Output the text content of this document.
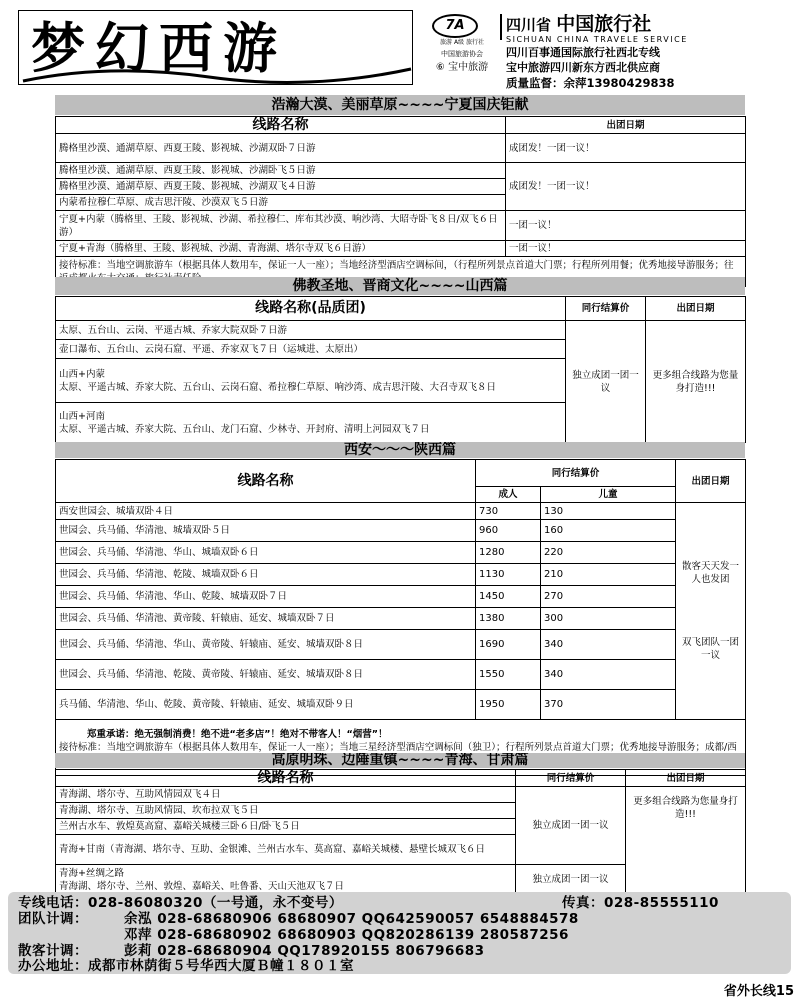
梦幻西游	7A
旅游 A级 旅行社
中国旅游协会
⑥ 宝中旅游
四川省 中国旅行社
SICHUAN CHINA TRAVELE SERVICE
四川百事通国际旅行社西北专线
宝中旅游四川新东方西北供应商
质量监督：余萍13980429838
浩瀚大漠、美丽草原~~~~宁夏国庆钜献
线路名称	出团日期
腾格里沙漠、通湖草原、西夏王陵、影视城、沙湖双卧７日游	成团发！一团一议！
腾格里沙漠、通湖草原、西夏王陵、影视城、沙湖卧飞５日游	成团发！一团一议！
腾格里沙漠、通湖草原、西夏王陵、影视城、沙湖双飞４日游	
内蒙希拉穆仁草原、成吉思汗陵、沙漠双飞５日游	
宁夏+内蒙（腾格里、王陵、影视城、沙湖、希拉穆仁、库布其沙漠、响沙湾、大昭寺卧飞８日/双飞６日游）	一团一议！
宁夏+青海（腾格里、王陵、影视城、沙湖、青海湖、塔尔寺双飞６日游）	一团一议！
接待标准：当地空调旅游车（根据具体人数用车，保证一人一座）；当地经济型酒店空调标间，（行程所列景点首道大门票；行程所列用餐；优秀地接导游服务；往	
佛教圣地、晋商文化~~~~山西篇
线路名称(品质团)	同行结算价	出团日期
太原、五台山、云岗、平遥古城、乔家大院双卧７日游	独立成团一团一议	更多组合线路为您量身打造!!!
壶口瀑布、五台山、云岗石窟、平遥、乔家双飞７日（运城进、太原出）		

山西+内蒙
太原、平遥古城、乔家大院、五台山、云岗石窟、希拉穆仁草原、响沙湾、成吉思汗陵、大召寺双飞８日		

山西+河南
太原、平遥古城、乔家大院、五台山、龙门石窟、少林寺、开封府、清明上河园双飞７日		
西安～～～陕西篇
线路名称	同行结算价		出团日期
	成人	儿童	
西安世园会、城墙双卧４日	730	130	散客天天发一人也发团
双飞团队一团一议

世园会、兵马俑、华清池、城墙双卧５日	960	160	
世园会、兵马俑、华清池、华山、城墙双卧６日	1280	220	
世园会、兵马俑、华清池、乾陵、城墙双卧６日	1130	210	
世园会、兵马俑、华清池、华山、乾陵、城墙双卧７日	1450	270	
世园会、兵马俑、华清池、黄帝陵、轩辕庙、延安、城墙双卧７日	1380	300	
世园会、兵马俑、华清池、华山、黄帝陵、轩辕庙、延安、城墙双卧８日	1690	340	
世园会、兵马俑、华清池、乾陵、黄帝陵、轩辕庙、延安、城墙双卧８日	1550	340	
兵马俑、华清池、华山、乾陵、黄帝陵、轩辕庙、延安、城墙双卧９日	1950	370	

郑重承诺：绝无强制消费！绝不进“老多店”！绝对不带客人！“烟营”！
接待标准：当地空调旅游车（根据具体人数用车，保证一人一座）；当地三星经济型酒店空调标间（独卫）；行程所列景点首道大门票；优秀地接导游服务；成都/西			
高原明珠、边陲重镇~~~~青海、甘肃篇
线路名称	同行结算价	出团日期
青海湖、塔尔寺、互助风情园双飞４日	独立成团一团一议	更多组合线路为您量身打造!!!
青海湖、塔尔寺、互助风情园、坎布拉双飞５日		
兰州古水车、敦煌莫高窟、嘉峪关城楼三卧６日/卧飞５日		
青海+甘南（青海湖、塔尔寺、互助、金银滩、兰州古水车、莫高窟、嘉峪关城楼、悬壁长城双飞６日		

青海+丝绸之路
青海湖、塔尔寺、兰州、敦煌、嘉峪关、吐鲁番、天山天池双飞７日	独立成团一团一议	
专线电话：028-86080320（一号通，永不变号）	传真：028-85555110
团队计调：	余泓 028-68680906 68680907 QQ642590057 6548884578
邓萍 028-68680902 68680903 QQ820286139 280587256
散客计调：	彭莉 028-68680904 QQ178920155 806796683
办公地址：成都市林荫街５号华西大厦Ｂ幢１８０１室
省外长线15
